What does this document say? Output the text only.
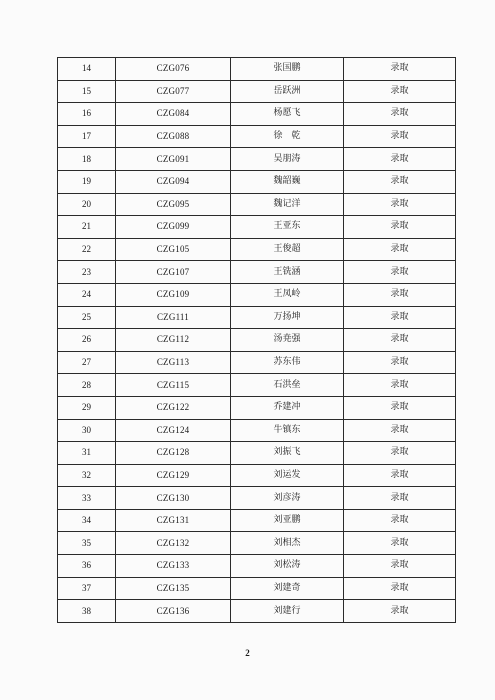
14	CZG076	张国鹏	录取
15	CZG077	岳跃洲	录取
16	CZG084	杨愿飞	录取
17	CZG088	徐　乾	录取
18	CZG091	吴朋涛	录取
19	CZG094	魏韶巍	录取
20	CZG095	魏记洋	录取
21	CZG099	王亚东	录取
22	CZG105	王俊超	录取
23	CZG107	王铣涵	录取
24	CZG109	王凤岭	录取
25	CZG111	万扬坤	录取
26	CZG112	汤尭强	录取
27	CZG113	苏东伟	录取
28	CZG115	石洪垒	录取
29	CZG122	乔建冲	录取
30	CZG124	牛镇东	录取
31	CZG128	刘振飞	录取
32	CZG129	刘运发	录取
33	CZG130	刘彦涛	录取
34	CZG131	刘亚鹏	录取
35	CZG132	刘相杰	录取
36	CZG133	刘松涛	录取
37	CZG135	刘建奇	录取
38	CZG136	刘建行	录取
2
